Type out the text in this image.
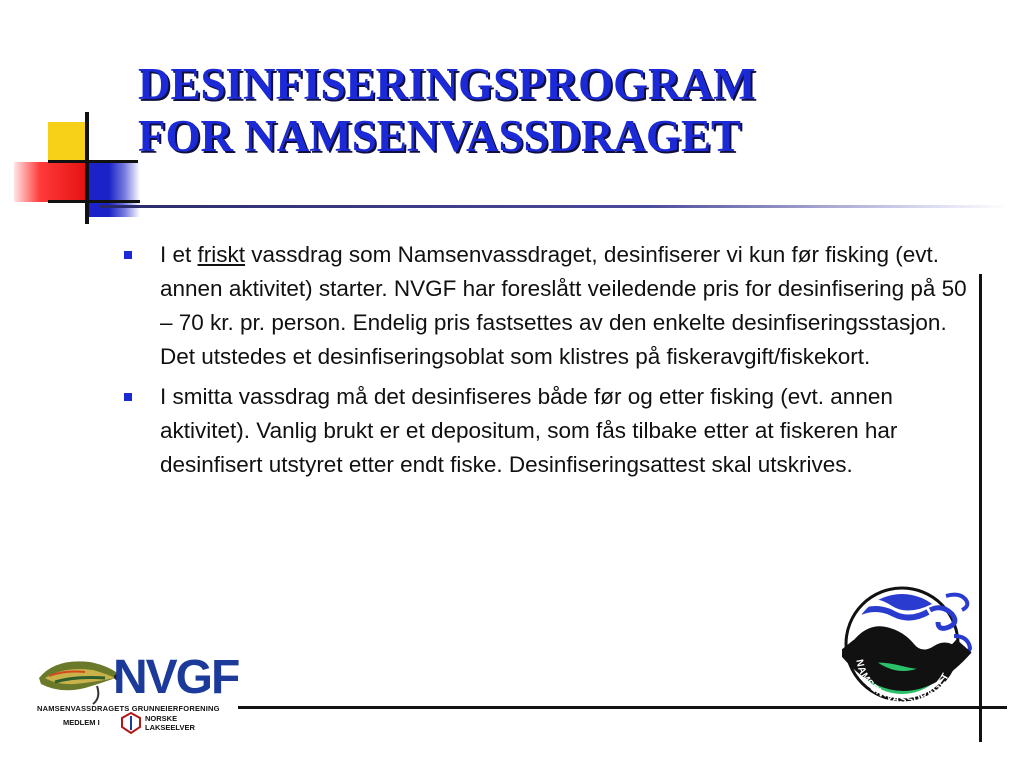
DESINFISERINGSPROGRAM
FOR NAMSENVASSDRAGET
I et friskt vassdrag som Namsenvassdraget, desinfiserer vi kun før fisking (evt. annen aktivitet) starter. NVGF har foreslått veiledende pris for desinfisering på 50 – 70 kr. pr. person. Endelig pris fastsettes av den enkelte desinfiseringsstasjon. Det utstedes et desinfiseringsoblat som klistres på fiskeravgift/fiskekort.
I smitta vassdrag må det desinfiseres både før og etter fisking (evt. annen aktivitet). Vanlig brukt er et depositum, som fås tilbake etter at fiskeren har desinfisert utstyret etter endt fiske. Desinfiseringsattest skal utskrives.
NVGF
NAMSENVASSDRAGETS GRUNNEIERFORENING
MEDLEM I	NORSKE
LAKSEELVER
NAMSEN-VASSDRAGET
